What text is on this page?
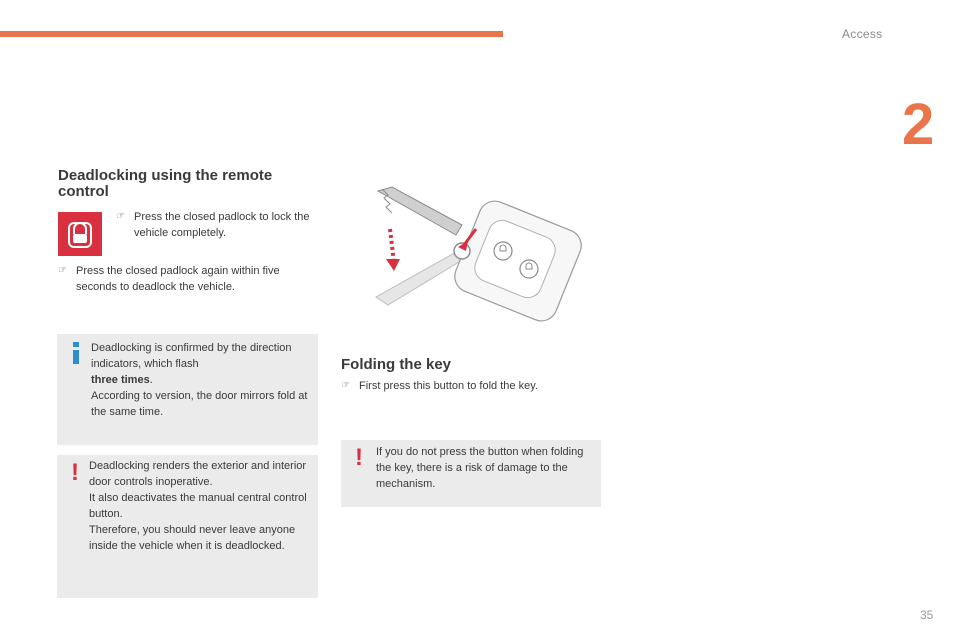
Access
2
Deadlocking using the remote control
☞ Press the closed padlock to lock the vehicle completely.
☞ Press the closed padlock again within five seconds to deadlock the vehicle.
Deadlocking is confirmed by the direction indicators, which flash
three times.
According to version, the door mirrors fold at the same time.
! Deadlocking renders the exterior and interior door controls inoperative.
It also deactivates the manual central control button.
Therefore, you should never leave anyone inside the vehicle when it is deadlocked.
Folding the key
☞ First press this button to fold the key.
! If you do not press the button when folding the key, there is a risk of damage to the mechanism.
35
